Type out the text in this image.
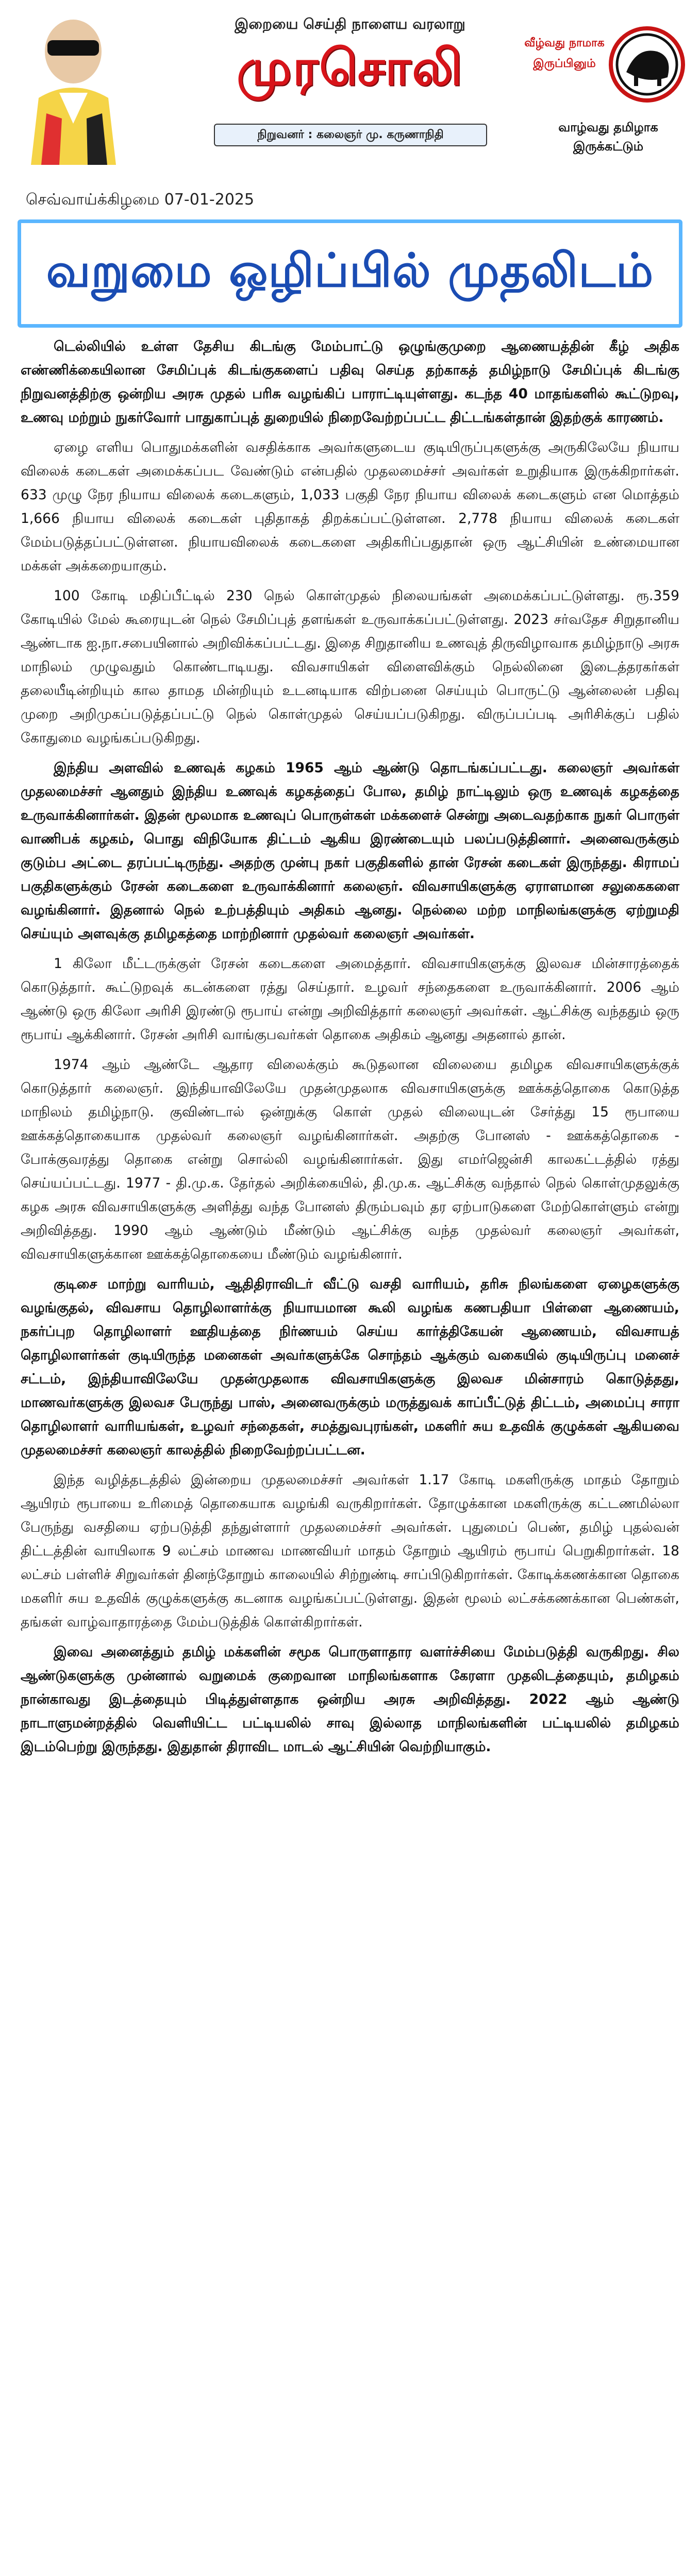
இறையை செய்தி நாளைய வரலாறு
முரசொலி
நிறுவனர் : கலைஞர் மு. கருணாநிதி
வீழ்வது நாமாக
இருப்பினும்
வாழ்வது தமிழாக
இருக்கட்டும்
செவ்வாய்க்கிழமை 07-01-2025
வறுமை ஒழிப்பில் முதலிடம்

டெல்லியில் உள்ள தேசிய கிடங்கு மேம்பாட்டு ஒழுங்குமுறை ஆணையத்தின் கீழ் அதிக எண்ணிக்கையிலான சேமிப்புக் கிடங்குகளைப் பதிவு செய்த தற்காகத் தமிழ்நாடு சேமிப்புக் கிடங்கு நிறுவனத்திற்கு ஒன்றிய அரசு முதல் பரிசு வழங்கிப் பாராட்டியுள்ளது. கடந்த 40 மாதங்களில் கூட்டுறவு, உணவு மற்றும் நுகர்வோர் பாதுகாப்புத் துறையில் நிறைவேற்றப்பட்ட திட்டங்கள்தான் இதற்குக் காரணம்.

ஏழை எளிய பொதுமக்களின் வசதிக்காக அவர்களுடைய குடியிருப்புகளுக்கு அருகிலேயே நியாய விலைக் கடைகள் அமைக்கப்பட வேண்டும் என்பதில் முதலமைச்சர் அவர்கள் உறுதியாக இருக்கிறார்கள். 633 முழு நேர நியாய விலைக் கடைகளும், 1,033 பகுதி நேர நியாய விலைக் கடைகளும் என மொத்தம் 1,666 நியாய விலைக் கடைகள் புதிதாகத் திறக்கப்பட்டுள்ளன. 2,778 நியாய விலைக் கடைகள் மேம்படுத்தப்பட்டுள்ளன. நியாயவிலைக் கடைகளை அதிகரிப்பதுதான் ஒரு ஆட்சியின் உண்மையான மக்கள் அக்கறையாகும்.

100 கோடி மதிப்பீட்டில் 230 நெல் கொள்முதல் நிலையங்கள் அமைக்கப்பட்டுள்ளது. ரூ.359 கோடியில் மேல் கூரையுடன் நெல் சேமிப்புத் தளங்கள் உருவாக்கப்பட்டுள்ளது. 2023 சர்வதேச சிறுதானிய ஆண்டாக ஐ.நா.சபையினால் அறிவிக்கப்பட்டது. இதை சிறுதானிய உணவுத் திருவிழாவாக தமிழ்நாடு அரசு மாநிலம் முழுவதும் கொண்டாடியது. விவசாயிகள் விளைவிக்கும் நெல்லினை இடைத்தரகர்கள் தலையீடின்றியும் கால தாமத மின்றியும் உடனடியாக விற்பனை செய்யும் பொருட்டு ஆன்லைன் பதிவு முறை அறிமுகப்படுத்தப்பட்டு நெல் கொள்முதல் செய்யப்படுகிறது. விருப்பப்படி அரிசிக்குப் பதில் கோதுமை வழங்கப்படுகிறது.

இந்திய அளவில் உணவுக் கழகம் 1965 ஆம் ஆண்டு தொடங்கப்பட்டது. கலைஞர் அவர்கள் முதலமைச்சர் ஆனதும் இந்திய உணவுக் கழகத்தைப் போல, தமிழ் நாட்டிலும் ஒரு உணவுக் கழகத்தை உருவாக்கினார்கள். இதன் மூலமாக உணவுப் பொருள்கள் மக்களைச் சென்று அடைவதற்காக நுகர் பொருள் வாணிபக் கழகம், பொது விநியோக திட்டம் ஆகிய இரண்டையும் பலப்படுத்தினார். அனைவருக்கும் குடும்ப அட்டை தரப்பட்டிருந்து. அதற்கு முன்பு நகர் பகுதிகளில் தான் ரேசன் கடைகள் இருந்தது. கிராமப் பகுதிகளுக்கும் ரேசன் கடைகளை உருவாக்கினார் கலைஞர். விவசாயிகளுக்கு ஏராளமான சலுகைகளை வழங்கினார். இதனால் நெல் உற்பத்தியும் அதிகம் ஆனது. நெல்லை மற்ற மாநிலங்களுக்கு ஏற்றுமதி செய்யும் அளவுக்கு தமிழகத்தை மாற்றினார் முதல்வர் கலைஞர் அவர்கள்.

1 கிலோ மீட்டருக்குள் ரேசன் கடைகளை அமைத்தார். விவசாயிகளுக்கு இலவச மின்சாரத்தைக் கொடுத்தார். கூட்டுறவுக் கடன்களை ரத்து செய்தார். உழவர் சந்தைகளை உருவாக்கினார். 2006 ஆம் ஆண்டு ஒரு கிலோ அரிசி இரண்டு ரூபாய் என்று அறிவித்தார் கலைஞர் அவர்கள். ஆட்சிக்கு வந்ததும் ஒரு ரூபாய் ஆக்கினார். ரேசன் அரிசி வாங்குபவர்கள் தொகை அதிகம் ஆனது அதனால் தான்.

1974 ஆம் ஆண்டே ஆதார விலைக்கும் கூடுதலான விலையை தமிழக விவசாயிகளுக்குக் கொடுத்தார் கலைஞர். இந்தியாவிலேயே முதன்முதலாக விவசாயிகளுக்கு ஊக்கத்தொகை கொடுத்த மாநிலம் தமிழ்நாடு. குவிண்டால் ஒன்றுக்கு கொள் முதல் விலையுடன் சேர்த்து 15 ரூபாயை ஊக்கத்தொகையாக முதல்வர் கலைஞர் வழங்கினார்கள். அதற்கு போனஸ் - ஊக்கத்தொகை - போக்குவரத்து தொகை என்று சொல்லி வழங்கினார்கள். இது எமர்ஜென்சி காலகட்டத்தில் ரத்து செய்யப்பட்டது. 1977 - தி.மு.க. தேர்தல் அறிக்கையில், தி.மு.க. ஆட்சிக்கு வந்தால் நெல் கொள்முதலுக்கு கழக அரசு விவசாயிகளுக்கு அளித்து வந்த போனஸ் திரும்பவும் தர ஏற்பாடுகளை மேற்கொள்ளும் என்று அறிவித்தது. 1990 ஆம் ஆண்டும் மீண்டும் ஆட்சிக்கு வந்த முதல்வர் கலைஞர் அவர்கள், விவசாயிகளுக்கான ஊக்கத்தொகையை மீண்டும் வழங்கினார்.

குடிசை மாற்று வாரியம், ஆதிதிராவிடர் வீட்டு வசதி வாரியம், தரிசு நிலங்களை ஏழைகளுக்கு வழங்குதல், விவசாய தொழிலாளர்க்கு நியாயமான கூலி வழங்க கணபதியா பிள்ளை ஆணையம், நகர்ப்புற தொழிலாளர் ஊதியத்தை நிர்ணயம் செய்ய கார்த்திகேயன் ஆணையம், விவசாயத் தொழிலாளர்கள் குடியிருந்த மனைகள் அவர்களுக்கே சொந்தம் ஆக்கும் வகையில் குடியிருப்பு மனைச் சட்டம், இந்தியாவிலேயே முதன்முதலாக விவசாயிகளுக்கு இலவச மின்சாரம் கொடுத்தது, மாணவர்களுக்கு இலவச பேருந்து பாஸ், அனைவருக்கும் மருத்துவக் காப்பீட்டுத் திட்டம், அமைப்பு சாரா தொழிலாளர் வாரியங்கள், உழவர் சந்தைகள், சமத்துவபுரங்கள், மகளிர் சுய உதவிக் குழுக்கள் ஆகியவை முதலமைச்சர் கலைஞர் காலத்தில் நிறைவேற்றப்பட்டன.

இந்த வழித்தடத்தில் இன்றைய முதலமைச்சர் அவர்கள் 1.17 கோடி மகளிருக்கு மாதம் தோறும் ஆயிரம் ரூபாயை உரிமைத் தொகையாக வழங்கி வருகிறார்கள். தோழுக்கான மகளிருக்கு கட்டணமில்லா பேருந்து வசதியை ஏற்படுத்தி தந்துள்ளார் முதலமைச்சர் அவர்கள். புதுமைப் பெண், தமிழ் புதல்வன் திட்டத்தின் வாயிலாக 9 லட்சம் மாணவ மாணவியர் மாதம் தோறும் ஆயிரம் ரூபாய் பெறுகிறார்கள். 18 லட்சம் பள்ளிச் சிறுவர்கள் தினந்தோறும் காலையில் சிற்றுண்டி சாப்பிடுகிறார்கள். கோடிக்கணக்கான தொகை மகளிர் சுய உதவிக் குழுக்களுக்கு கடனாக வழங்கப்பட்டுள்ளது. இதன் மூலம் லட்சக்கணக்கான பெண்கள், தங்கள் வாழ்வாதாரத்தை மேம்படுத்திக் கொள்கிறார்கள்.

இவை அனைத்தும் தமிழ் மக்களின் சமூக பொருளாதார வளர்ச்சியை மேம்படுத்தி வருகிறது. சில ஆண்டுகளுக்கு முன்னால் வறுமைக் குறைவான மாநிலங்களாக கேரளா முதலிடத்தையும், தமிழகம் நான்காவது இடத்தையும் பிடித்துள்ளதாக ஒன்றிய அரசு அறிவித்தது. 2022 ஆம் ஆண்டு நாடாளுமன்றத்தில் வெளியிட்ட பட்டியலில் சாவு இல்லாத மாநிலங்களின் பட்டியலில் தமிழகம் இடம்பெற்று இருந்தது. இதுதான் திராவிட மாடல் ஆட்சியின் வெற்றியாகும்.
